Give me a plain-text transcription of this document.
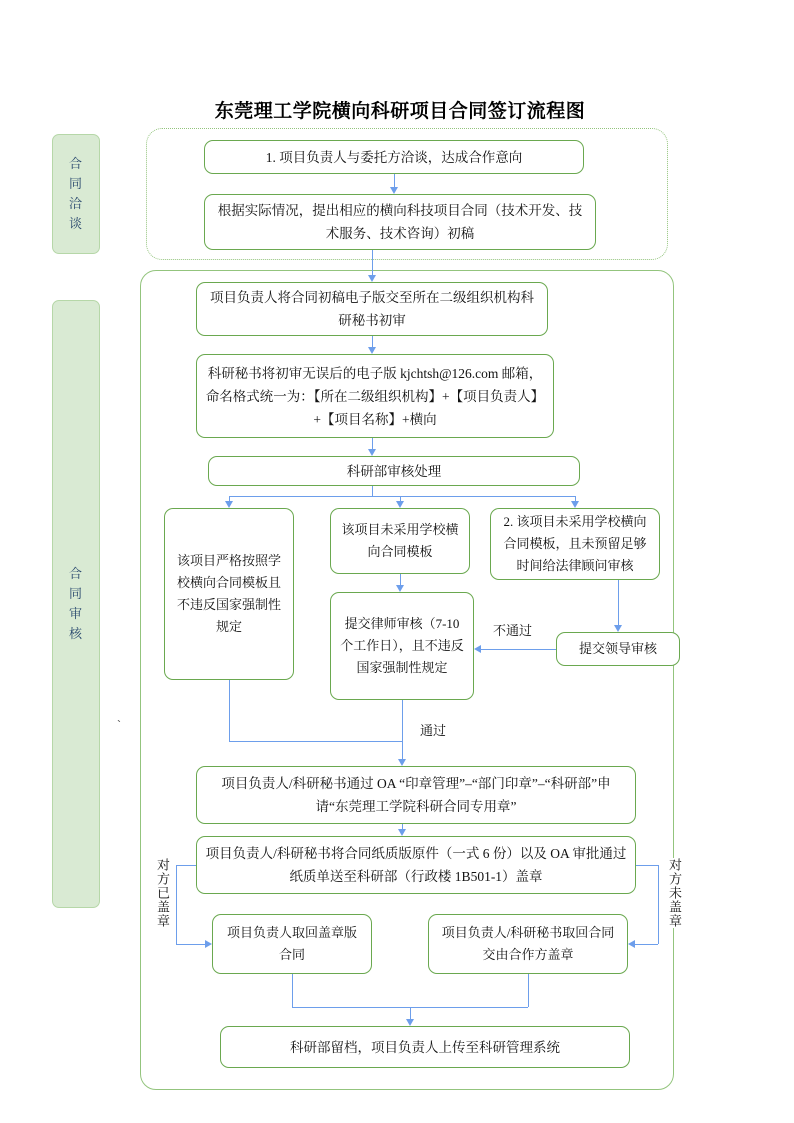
东莞理工学院横向科研项目合同签订流程图
合同洽谈
合同审核
1. 项目负责人与委托方洽谈，达成合作意向
根据实际情况，提出相应的横向科技项目合同（技术开发、技术服务、技术咨询）初稿
项目负责人将合同初稿电子版交至所在二级组织机构科研秘书初审
科研秘书将初审无误后的电子版 kjchtsh@126.com 邮箱，命名格式统一为：【所在二级组织机构】+【项目负责人】+【项目名称】+横向
科研部审核处理
该项目严格按照学校横向合同模板且不违反国家强制性规定
该项目未采用学校横向合同模板
2. 该项目未采用学校横向合同模板，且未预留足够时间给法律顾问审核
提交律师审核（7-10 个工作日），且不违反国家强制性规定
提交领导审核
项目负责人/科研秘书通过 OA “印章管理”–“部门印章”–“科研部”申请“东莞理工学院科研合同专用章”
项目负责人/科研秘书将合同纸质版原件（一式 6 份）以及 OA 审批通过纸质单送至科研部（行政楼 1B501-1）盖章
项目负责人取回盖章版合同
项目负责人/科研秘书取回合同交由合作方盖章
科研部留档，项目负责人上传至科研管理系统
不通过
通过
对方已盖章	对方未盖章
`
